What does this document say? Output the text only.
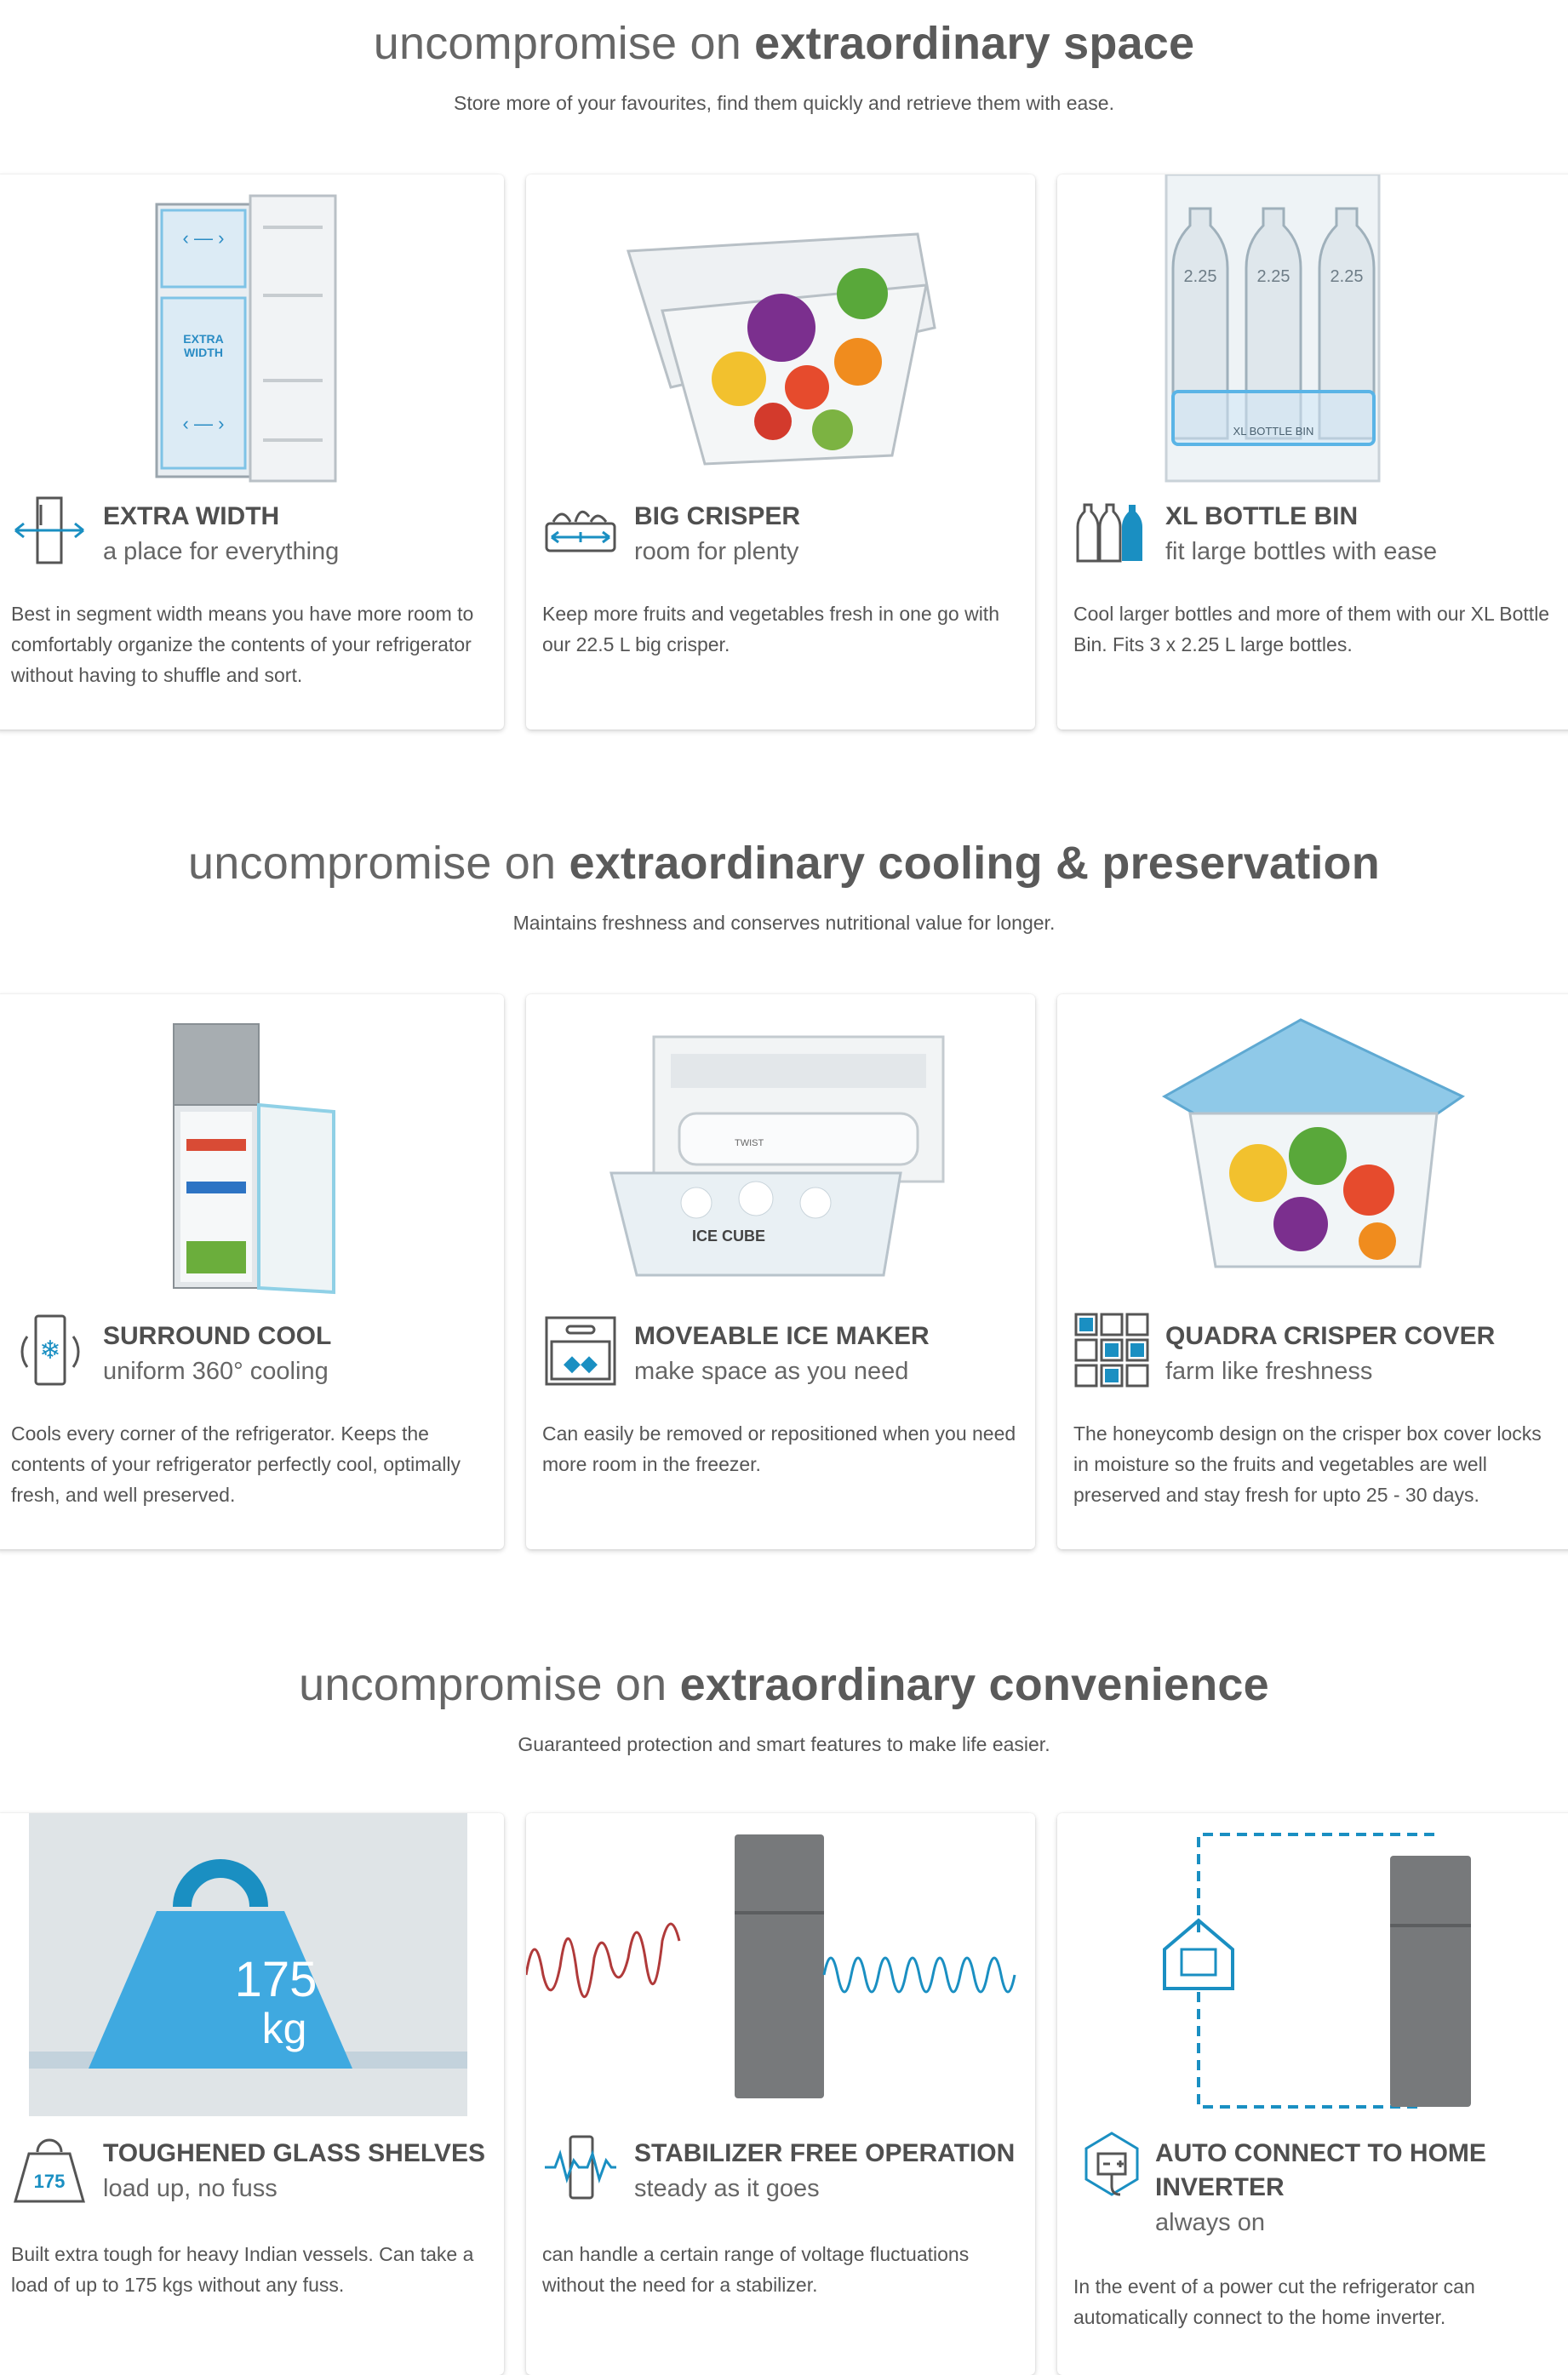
uncompromise on extraordinary space

Store more of your favourites, find them quickly and retrieve them with ease.

‹ — ›
EXTRA
WIDTH
‹ — ›
EXTRA WIDTH
a place for everything
Best in segment width means you have more room to comfortably organize the contents of your refrigerator without having to shuffle and sort.
BIG CRISPER
room for plenty
Keep more fruits and vegetables fresh in one go with our 22.5 L big crisper.
2.25 2.25 2.25
XL BOTTLE BIN
XL BOTTLE BIN
fit large bottles with ease
Cool larger bottles and more of them with our XL Bottle Bin. Fits 3 x 2.25 L large bottles.
uncompromise on extraordinary cooling & preservation

Maintains freshness and conserves nutritional value for longer.

❄
SURROUND COOL
uniform 360° cooling
Cools every corner of the refrigerator. Keeps the contents of your refrigerator perfectly cool, optimally fresh, and well preserved.
TWIST
ICE CUBE
◆◆
MOVEABLE ICE MAKER
make space as you need
Can easily be removed or repositioned when you need more room in the freezer.
QUADRA CRISPER COVER
farm like freshness
The honeycomb design on the crisper box cover locks in moisture so the fruits and vegetables are well preserved and stay fresh for upto 25 - 30 days.
uncompromise on extraordinary convenience

Guaranteed protection and smart features to make life easier.

175
kg
175
TOUGHENED GLASS SHELVES
load up, no fuss
Built extra tough for heavy Indian vessels. Can take a load of up to 175 kgs without any fuss.
STABILIZER FREE OPERATION
steady as it goes
can handle a certain range of voltage fluctuations without the need for a stabilizer.
AUTO CONNECT TO HOME INVERTER
always on
In the event of a power cut the refrigerator can automatically connect to the home inverter.
